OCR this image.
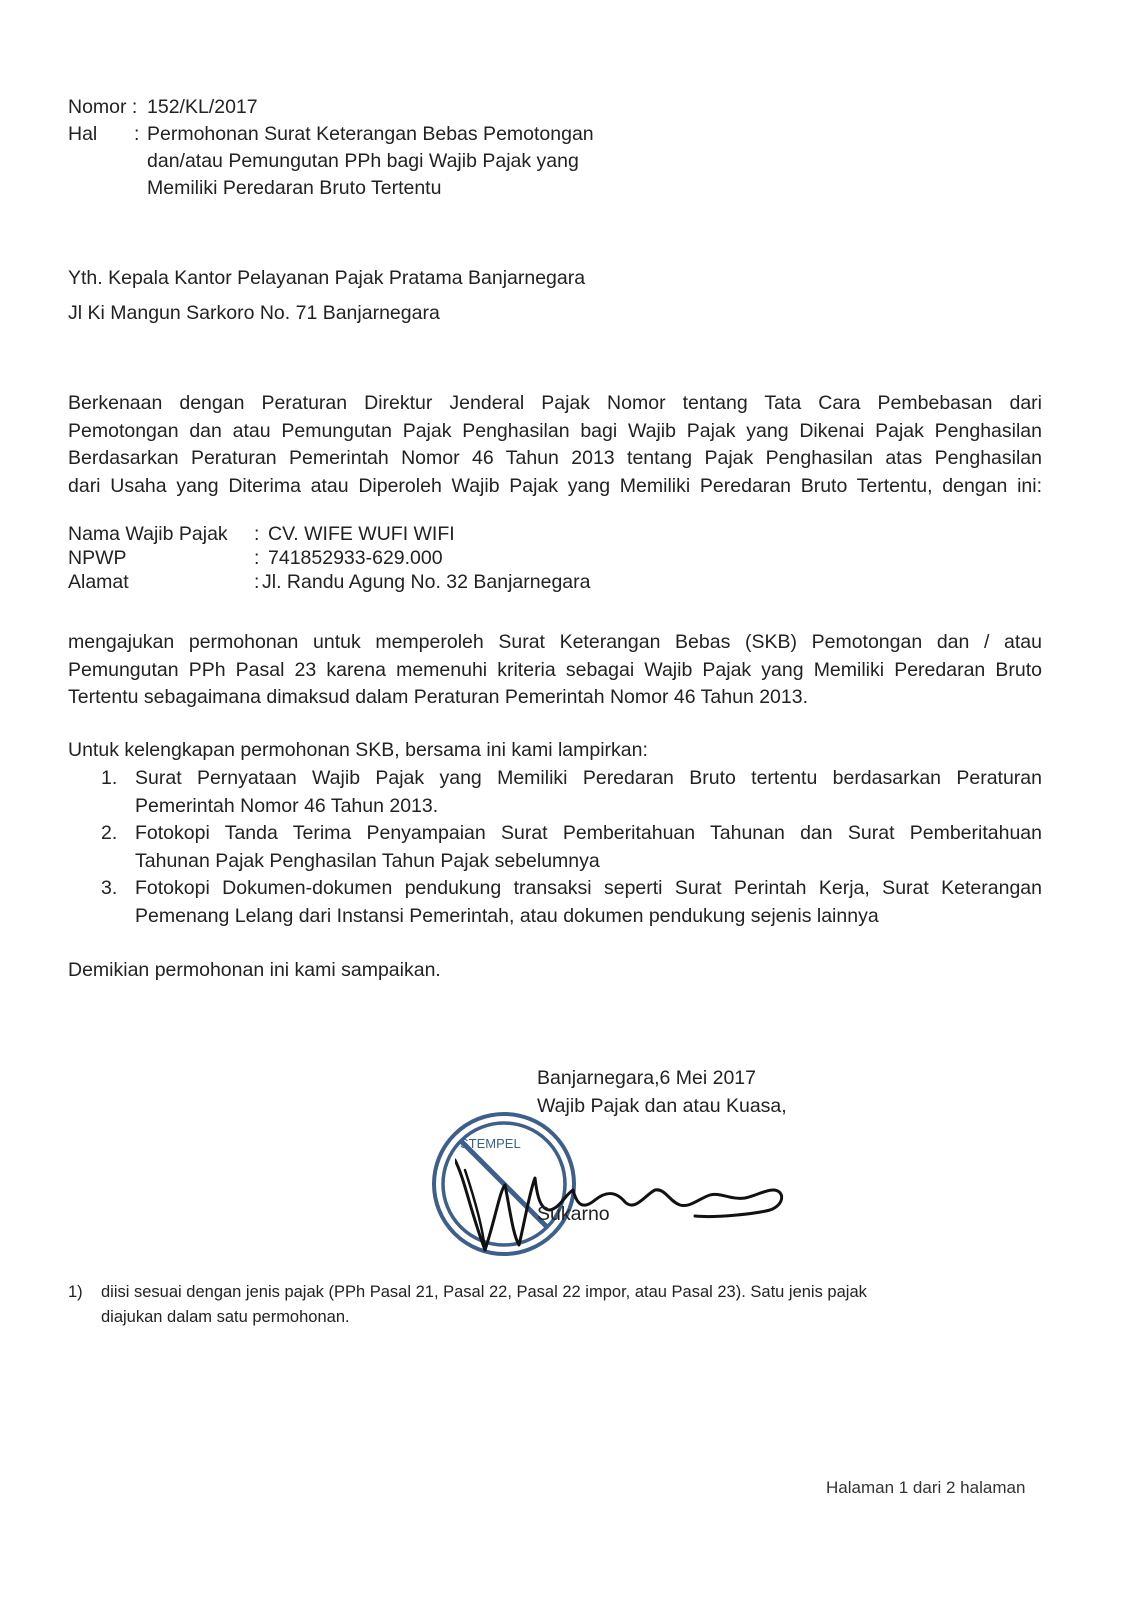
Nomor : 152/KL/2017
Hal : Permohonan Surat Keterangan Bebas Pemotongan
dan/atau Pemungutan PPh bagi Wajib Pajak yang
Memiliki Peredaran Bruto Tertentu
Yth. Kepala Kantor Pelayanan Pajak Pratama Banjarnegara
Jl Ki Mangun Sarkoro No. 71 Banjarnegara
Berkenaan dengan Peraturan Direktur Jenderal Pajak Nomor tentang Tata Cara Pembebasan dari
Pemotongan dan atau Pemungutan Pajak Penghasilan bagi Wajib Pajak yang Dikenai Pajak Penghasilan
Berdasarkan Peraturan Pemerintah Nomor 46 Tahun 2013 tentang Pajak Penghasilan atas Penghasilan
dari Usaha yang Diterima atau Diperoleh Wajib Pajak yang Memiliki Peredaran Bruto Tertentu, dengan ini:
Nama Wajib Pajak : CV. WIFE WUFI WIFI
NPWP	: 741852933-629.000
Alamat	: Jl. Randu Agung No. 32 Banjarnegara
mengajukan permohonan untuk memperoleh Surat Keterangan Bebas (SKB) Pemotongan dan / atau
Pemungutan PPh Pasal 23 karena memenuhi kriteria sebagai Wajib Pajak yang Memiliki Peredaran Bruto
Tertentu sebagaimana dimaksud dalam Peraturan Pemerintah Nomor 46 Tahun 2013.
Untuk kelengkapan permohonan SKB, bersama ini kami lampirkan:
1. Surat Pernyataan Wajib Pajak yang Memiliki Peredaran Bruto tertentu berdasarkan Peraturan
Pemerintah Nomor 46 Tahun 2013.
2. Fotokopi Tanda Terima Penyampaian Surat Pemberitahuan Tahunan dan Surat Pemberitahuan
Tahunan Pajak Penghasilan Tahun Pajak sebelumnya
3. Fotokopi Dokumen-dokumen pendukung transaksi seperti Surat Perintah Kerja, Surat Keterangan
Pemenang Lelang dari Instansi Pemerintah, atau dokumen pendukung sejenis lainnya
Demikian permohonan ini kami sampaikan.
Banjarnegara,6 Mei 2017
Wajib Pajak dan atau Kuasa,
STEMPEL
Sukarno
1) diisi sesuai dengan jenis pajak (PPh Pasal 21, Pasal 22, Pasal 22 impor, atau Pasal 23). Satu jenis pajak
diajukan dalam satu permohonan.
Halaman 1 dari 2 halaman
